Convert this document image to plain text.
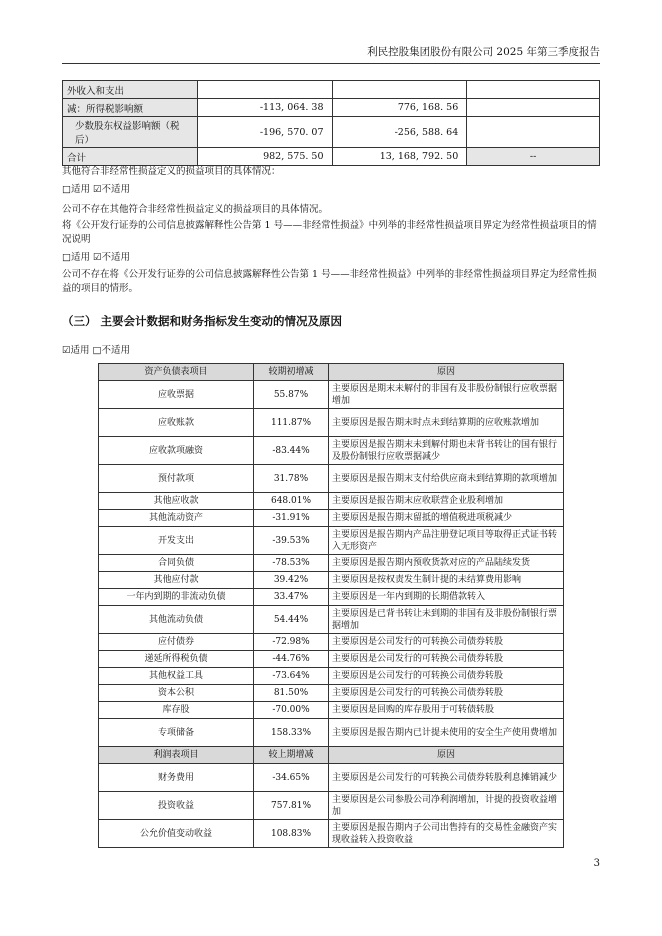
利民控股集团股份有限公司 2025 年第三季度报告
外收入和支出			
减：所得税影响额	-113, 064. 38	776, 168. 56	
少数股东权益影响额（税后）	-196, 570. 07	-256, 588. 64	
合计	982, 575. 50	13, 168, 792. 50	--
其他符合非经常性损益定义的损益项目的具体情况：
□适用 ☑不适用
公司不存在其他符合非经常性损益定义的损益项目的具体情况。
将《公开发行证券的公司信息披露解释性公告第 1 号——非经常性损益》中列举的非经常性损益项目界定为经常性损益项目的情况说明
□适用 ☑不适用
公司不存在将《公开发行证券的公司信息披露解释性公告第 1 号——非经常性损益》中列举的非经常性损益项目界定为经常性损益的项目的情形。
（三） 主要会计数据和财务指标发生变动的情况及原因
☑适用 □不适用
资产负债表项目	较期初增减	原因
应收票据	55.87%	主要原因是期末未解付的非国有及非股份制银行应收票据增加
应收账款	111.87%	主要原因是报告期末时点未到结算期的应收账款增加
应收款项融资	-83.44%	主要原因是报告期末未到解付期也未背书转让的国有银行及股份制银行应收票据减少
预付款项	31.78%	主要原因是报告期末支付给供应商未到结算期的款项增加
其他应收款	648.01%	主要原因是报告期末应收联营企业股利增加
其他流动资产	-31.91%	主要原因是报告期末留抵的增值税进项税减少
开发支出	-39.53%	主要原因是报告期内产品注册登记项目等取得正式证书转入无形资产
合同负债	-78.53%	主要原因是报告期内预收货款对应的产品陆续发货
其他应付款	39.42%	主要原因是按权责发生制计提的未结算费用影响
一年内到期的非流动负债	33.47%	主要原因是一年内到期的长期借款转入
其他流动负债	54.44%	主要原因是已背书转让未到期的非国有及非股份制银行票据增加
应付债券	-72.98%	主要原因是公司发行的可转换公司债券转股
递延所得税负债	-44.76%	主要原因是公司发行的可转换公司债券转股
其他权益工具	-73.64%	主要原因是公司发行的可转换公司债券转股
资本公积	81.50%	主要原因是公司发行的可转换公司债券转股
库存股	-70.00%	主要原因是回购的库存股用于可转债转股
专项储备	158.33%	主要原因是报告期内已计提未使用的安全生产使用费增加
利润表项目	较上期增减	原因
财务费用	-34.65%	主要原因是公司发行的可转换公司债券转股利息摊销减少
投资收益	757.81%	主要原因是公司参股公司净利润增加，计提的投资收益增加
公允价值变动收益	108.83%	主要原因是报告期内子公司出售持有的交易性金融资产实现收益转入投资收益
3
